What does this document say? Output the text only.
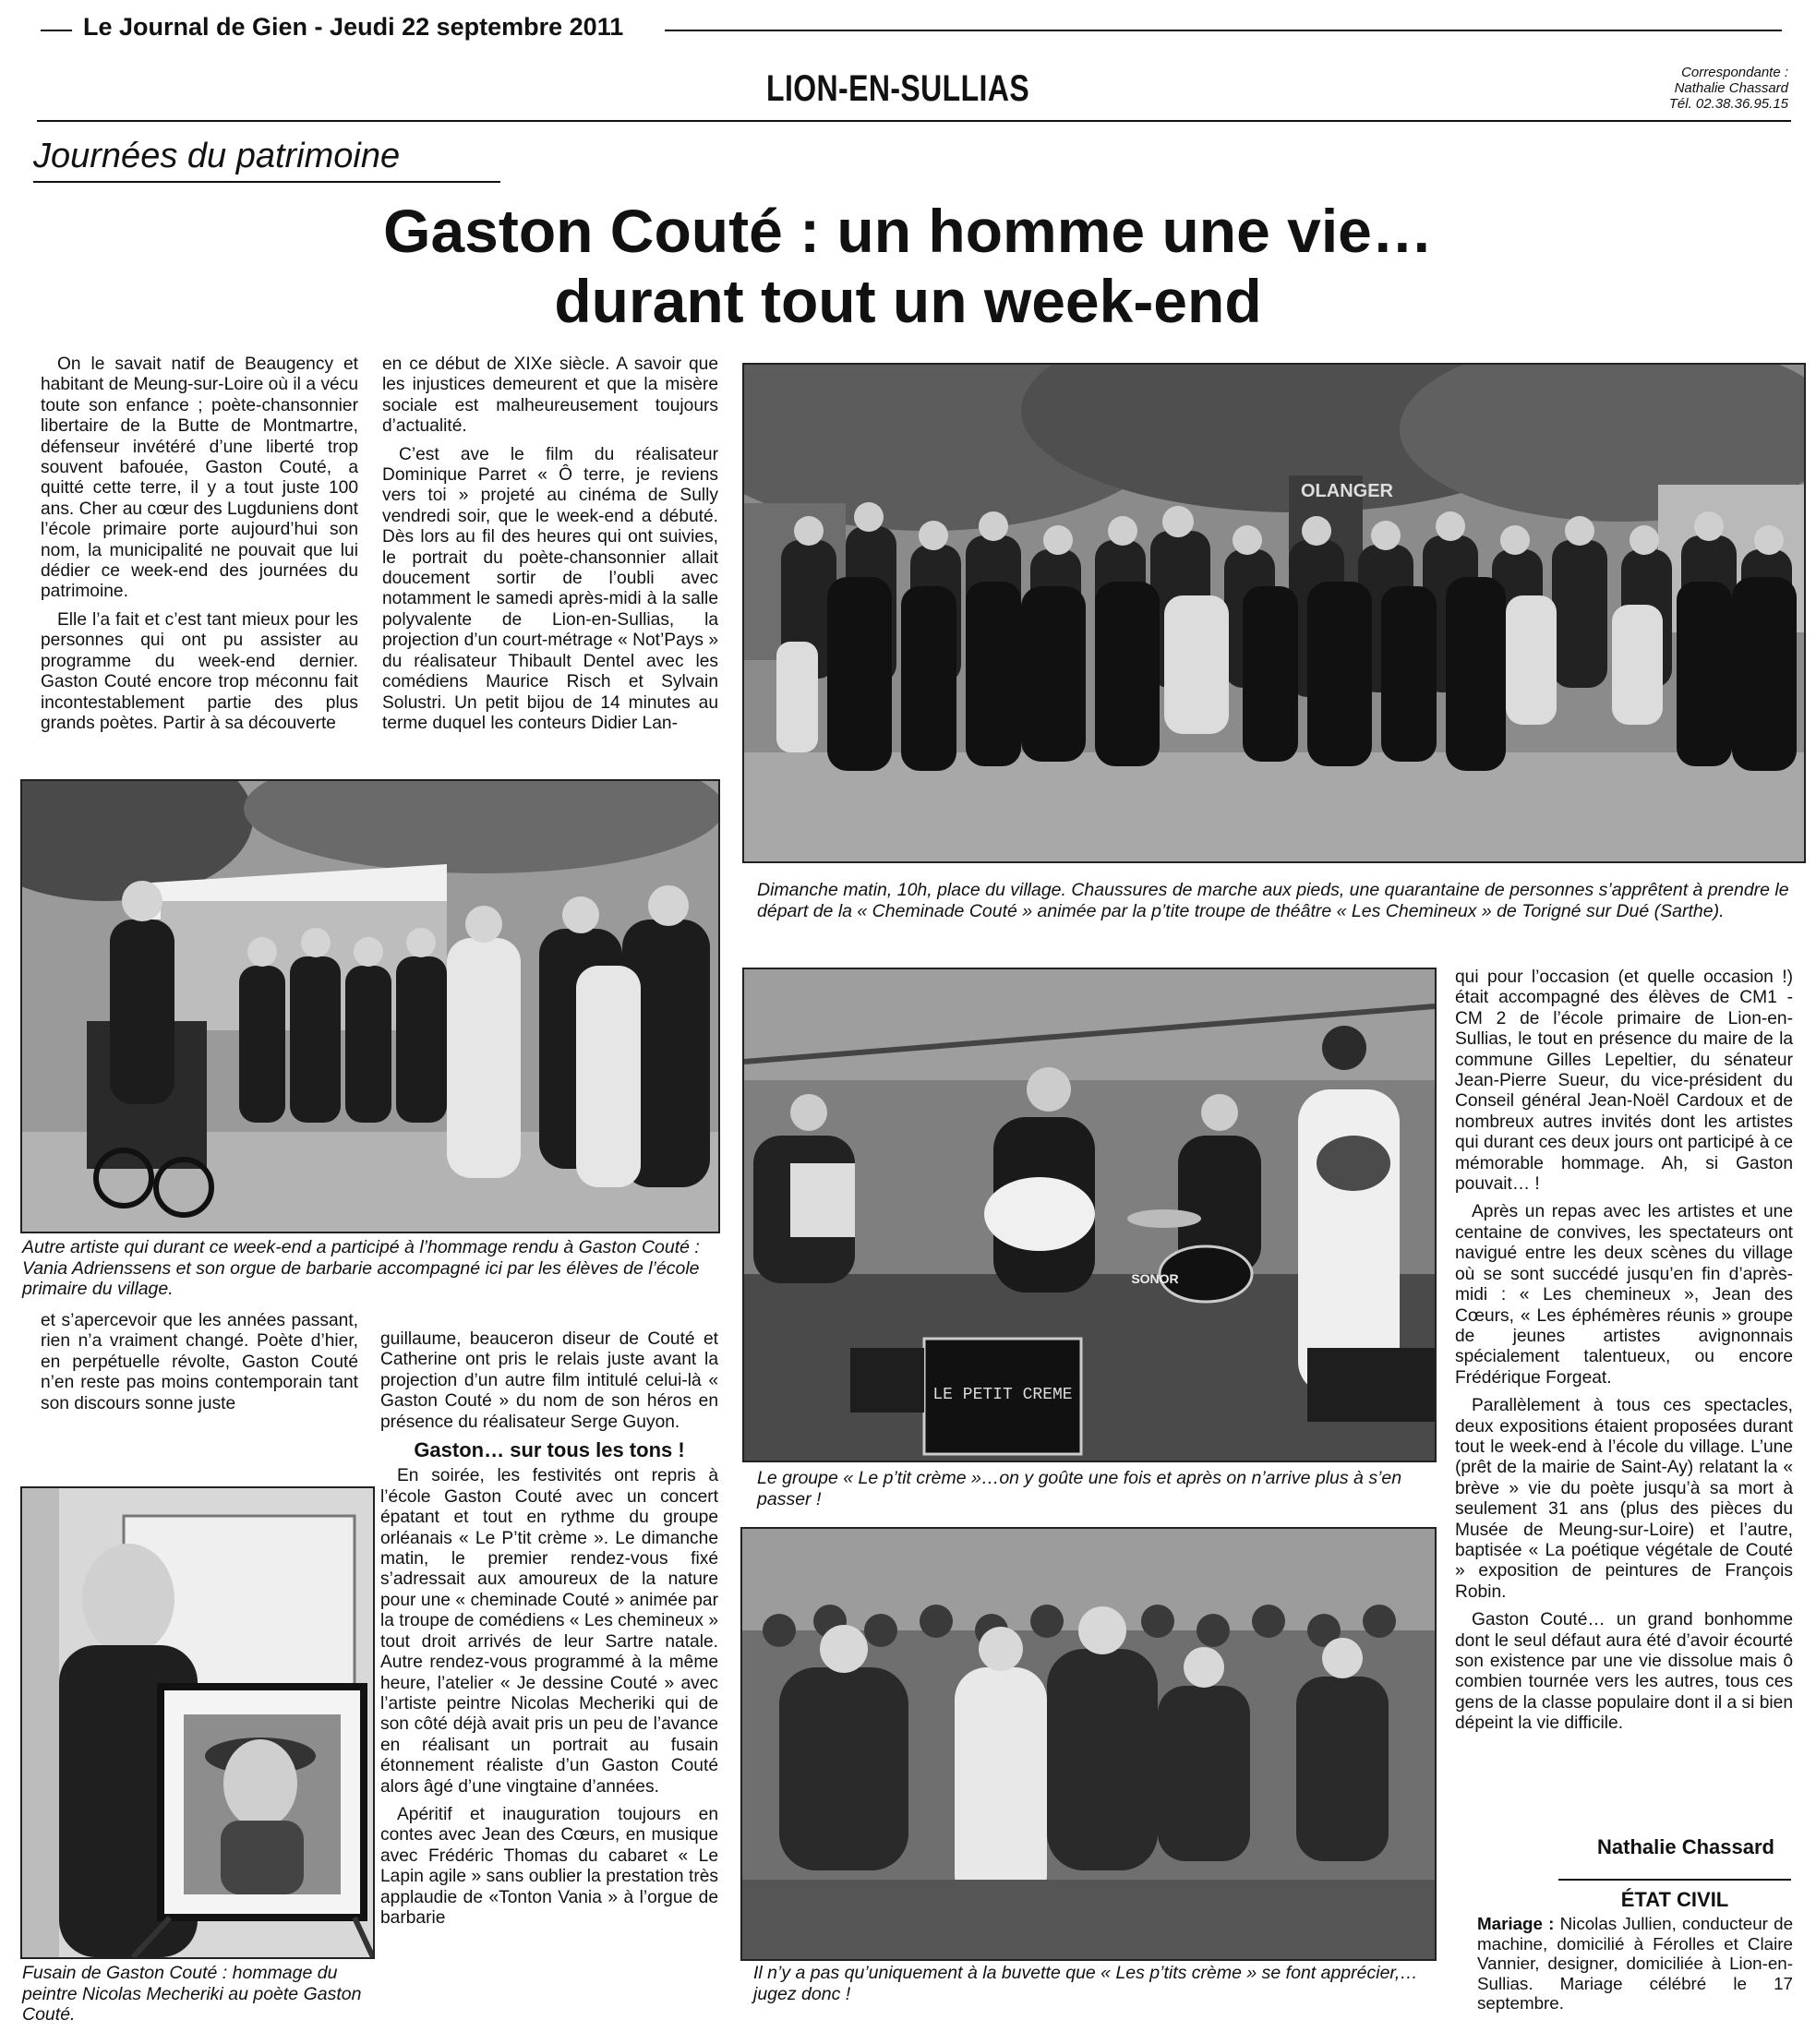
Le Journal de Gien - Jeudi 22 septembre 2011
LION-EN-SULLIAS	Correspondante :
Nathalie Chassard
Tél. 02.38.36.95.15
Journées du patrimoine
Gaston Couté : un homme une vie…
durant tout un week-end

On le savait natif de Beaugency et habitant de Meung-sur-Loire où il a vécu toute son enfance ; poète-chansonnier libertaire de la Butte de Montmartre, défenseur invétéré d’une liberté trop souvent bafouée, Gaston Couté, a quitté cette terre, il y a tout juste 100 ans. Cher au cœur des Lugduniens dont l’école primaire porte aujourd’hui son nom, la municipalité ne pouvait que lui dédier ce week-end des journées du patrimoine.

Elle l’a fait et c’est tant mieux pour les personnes qui ont pu assister au programme du week-end dernier. Gaston Couté encore trop méconnu fait incontestablement partie des plus grands poètes. Partir à sa découverte

en ce début de XIXe siècle. A savoir que les injustices demeurent et que la misère sociale est malheureusement toujours d’actualité.

C’est ave le film du réalisateur Dominique Parret « Ô terre, je reviens vers toi » projeté au cinéma de Sully vendredi soir, que le week-end a débuté. Dès lors au fil des heures qui ont suivies, le portrait du poète-chansonnier allait doucement sortir de l’oubli avec notamment le samedi après-midi à la salle polyvalente de Lion-en-Sullias, la projection d’un court-métrage « Not’Pays » du réalisateur Thibault Dentel avec les comédiens Maurice Risch et Sylvain Solustri. Un petit bijou de 14 minutes au terme duquel les conteurs Didier Lan-

OLANGER
Dimanche matin, 10h, place du village. Chaussures de marche aux pieds, une quarantaine de personnes s’apprêtent à prendre le départ de la « Cheminade Couté » animée par la p’tite troupe de théâtre « Les Chemineux » de Torigné sur Dué (Sarthe).
Autre artiste qui durant ce week-end a participé à l’hommage rendu à Gaston Couté : Vania Adrienssens et son orgue de barbarie accompagné ici par les élèves de l’école primaire du village.

et s’apercevoir que les années passant, rien n’a vraiment changé. Poète d’hier, en perpétuelle révolte, Gaston Couté n’en reste pas moins contemporain tant son discours sonne juste

guillaume, beauceron diseur de Couté et Catherine ont pris le relais juste avant la projection d’un autre film intitulé celui-là « Gaston Couté » du nom de son héros en présence du réalisateur Serge Guyon.

Gaston… sur tous les tons !

En soirée, les festivités ont repris à l’école Gaston Couté avec un concert épatant et tout en rythme du groupe orléanais « Le P’tit crème ». Le dimanche matin, le premier rendez-vous fixé s’adressait aux amoureux de la nature pour une « cheminade Couté » animée par la troupe de comédiens « Les chemineux » tout droit arrivés de leur Sartre natale. Autre rendez-vous programmé à la même heure, l’atelier « Je dessine Couté » avec l’artiste peintre Nicolas Mecheriki qui de son côté déjà avait pris un peu de l’avance en réalisant un portrait au fusain étonnement réaliste d’un Gaston Couté alors âgé d’une vingtaine d’années.

Apéritif et inauguration toujours en contes avec Jean des Cœurs, en musique avec Frédéric Thomas du cabaret « Le Lapin agile » sans oublier la prestation très applaudie de «Tonton Vania » à l’orgue de barbarie

Fusain de Gaston Couté : hommage du peintre Nicolas Mecheriki au poète Gaston Couté.
LE PETIT CREME
SONOR
Le groupe « Le p’tit crème »…on y goûte une fois et après on n’arrive plus à s’en passer !
Il n’y a pas qu’uniquement à la buvette que « Les p’tits crème » se font apprécier,… jugez donc !

qui pour l’occasion (et quelle occasion !) était accompagné des élèves de CM1 - CM 2 de l’école primaire de Lion-en-Sullias, le tout en présence du maire de la commune Gilles Lepeltier, du sénateur Jean-Pierre Sueur, du vice-président du Conseil général Jean-Noël Cardoux et de nombreux autres invités dont les artistes qui durant ces deux jours ont participé à ce mémorable hommage. Ah, si Gaston pouvait… !

Après un repas avec les artistes et une centaine de convives, les spectateurs ont navigué entre les deux scènes du village où se sont succédé jusqu’en fin d’après-midi : « Les chemineux », Jean des Cœurs, « Les éphémères réunis » groupe de jeunes artistes avignonnais spécialement talentueux, ou encore Frédérique Forgeat.

Parallèlement à tous ces spectacles, deux expositions étaient proposées durant tout le week-end à l’école du village. L’une (prêt de la mairie de Saint-Ay) relatant la « brève » vie du poète jusqu’à sa mort à seulement 31 ans (plus des pièces du Musée de Meung-sur-Loire) et l’autre, baptisée « La poétique végétale de Couté » exposition de peintures de François Robin.

Gaston Couté… un grand bonhomme dont le seul défaut aura été d’avoir écourté son existence par une vie dissolue mais ô combien tournée vers les autres, tous ces gens de la classe populaire dont il a si bien dépeint la vie difficile.

Nathalie Chassard
ÉTAT CIVIL

Mariage : Nicolas Jullien, conducteur de machine, domicilié à Férolles et Claire Vannier, designer, domiciliée à Lion-en-Sullias. Mariage célébré le 17 septembre.
